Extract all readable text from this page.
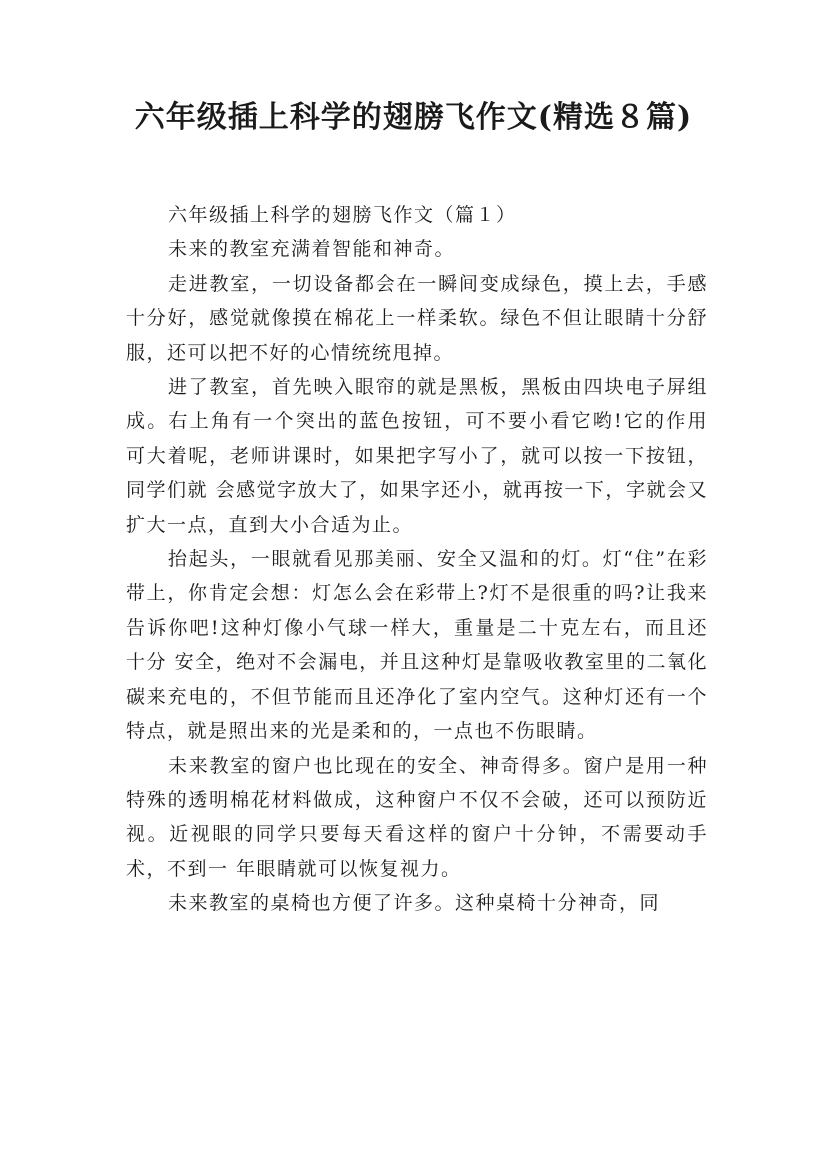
六年级插上科学的翅膀飞作文(精选８篇)

六年级插上科学的翅膀飞作文（篇１）

未来的教室充满着智能和神奇。

走进教室，一切设备都会在一瞬间变成绿色，摸上去，手感十分好，感觉就像摸在棉花上一样柔软。绿色不但让眼睛十分舒服，还可以把不好的心情统统甩掉。

进了教室，首先映入眼帘的就是黑板，黑板由四块电子屏组成。右上角有一个突出的蓝色按钮，可不要小看它哟!它的作用可大着呢，老师讲课时，如果把字写小了，就可以按一下按钮，同学们就 会感觉字放大了，如果字还小，就再按一下，字就会又扩大一点，直到大小合适为止。

抬起头，一眼就看见那美丽、安全又温和的灯。灯“住”在彩带上，你肯定会想：灯怎么会在彩带上?灯不是很重的吗?让我来告诉你吧!这种灯像小气球一样大，重量是二十克左右，而且还十分 安全，绝对不会漏电，并且这种灯是靠吸收教室里的二氧化碳来充电的，不但节能而且还净化了室内空气。这种灯还有一个特点，就是照出来的光是柔和的，一点也不伤眼睛。

未来教室的窗户也比现在的安全、神奇得多。窗户是用一种特殊的透明棉花材料做成，这种窗户不仅不会破，还可以预防近视。近视眼的同学只要每天看这样的窗户十分钟，不需要动手术，不到一 年眼睛就可以恢复视力。

未来教室的桌椅也方便了许多。这种桌椅十分神奇，同
